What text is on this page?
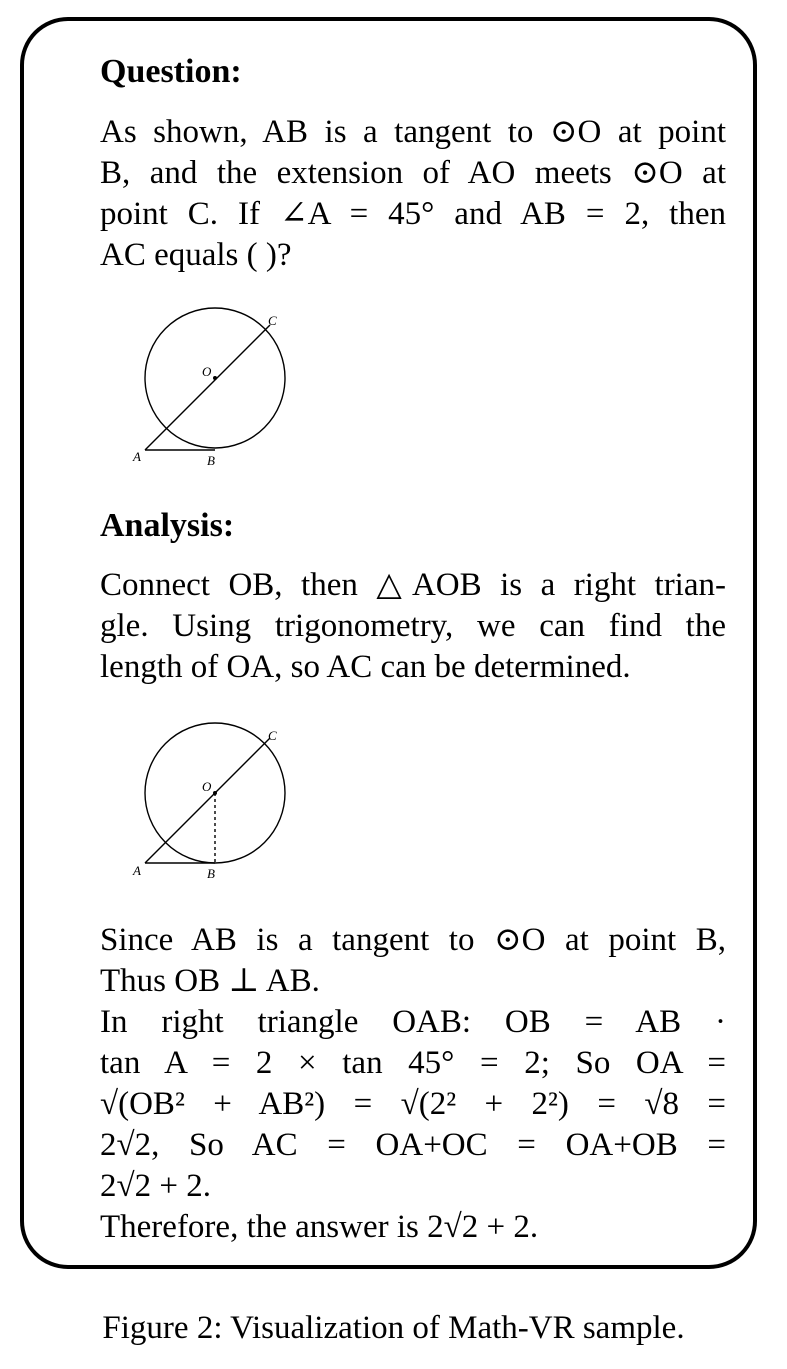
Question:
As shown, AB is a tangent to ⊙O at point
B, and the extension of AO meets ⊙O at
point C. If ∠A = 45° and AB = 2, then
AC equals ( )?
C
O
A	B
Analysis:
Connect OB, then △AOB is a right trian-
gle. Using trigonometry, we can find the
length of OA, so AC can be determined.
C
O
A	B
Since AB is a tangent to ⊙O at point B,
Thus OB ⊥ AB.
In right triangle OAB: OB = AB ·
tan A = 2 × tan 45° = 2; So OA =
√(OB² + AB²) = √(2² + 2²) = √8 =
2√2, So AC = OA+OC = OA+OB =
2√2 + 2.
Therefore, the answer is 2√2 + 2.
Figure 2: Visualization of Math-VR sample.
